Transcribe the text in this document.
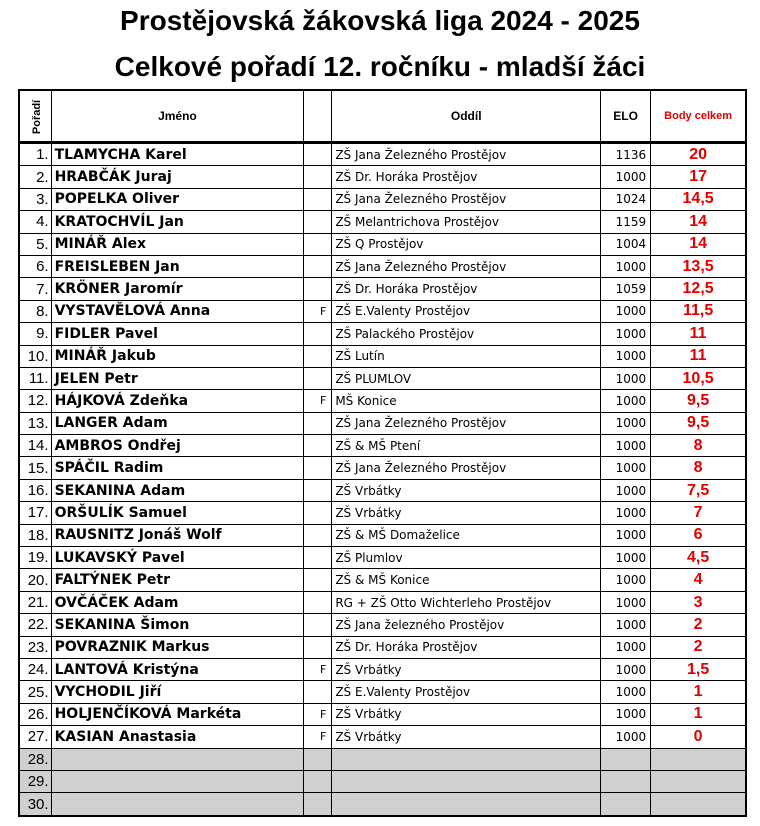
Prostějovská žákovská liga 2024 - 2025
Celkové pořadí 12. ročníku - mladší žáci
Pořadí	Jméno		Oddíl	ELO	Body celkem
1.	TLAMYCHA Karel		ZŠ Jana Železného Prostějov	1136	20
2.	HRABČÁK Juraj		ZŠ Dr. Horáka Prostějov	1000	17
3.	POPELKA Oliver		ZŠ Jana Železného Prostějov	1024	14,5
4.	KRATOCHVÍL Jan		ZŠ Melantrichova Prostějov	1159	14
5.	MINÁŘ Alex		ZŠ Q Prostějov	1004	14
6.	FREISLEBEN Jan		ZŠ Jana Železného Prostějov	1000	13,5
7.	KRÖNER Jaromír		ZŠ Dr. Horáka Prostějov	1059	12,5
8.	VYSTAVĚLOVÁ Anna	F	ZŠ E.Valenty Prostějov	1000	11,5
9.	FIDLER Pavel		ZŠ Palackého Prostějov	1000	11
10.	MINÁŘ Jakub		ZŠ Lutín	1000	11
11.	JELEN Petr		ZŠ PLUMLOV	1000	10,5
12.	HÁJKOVÁ Zdeňka	F	MŠ Konice	1000	9,5
13.	LANGER Adam		ZŠ Jana Železného Prostějov	1000	9,5
14.	AMBROS Ondřej		ZŠ & MŠ Ptení	1000	8
15.	SPÁČIL Radim		ZŠ Jana Železného Prostějov	1000	8
16.	SEKANINA Adam		ZŠ Vrbátky	1000	7,5
17.	ORŠULÍK Samuel		ZŠ Vrbátky	1000	7
18.	RAUSNITZ Jonáš Wolf		ZŠ & MŠ Domaželice	1000	6
19.	LUKAVSKÝ Pavel		ZŠ Plumlov	1000	4,5
20.	FALTÝNEK Petr		ZŠ & MŠ Konice	1000	4
21.	OVČÁČEK Adam		RG + ZŠ Otto Wichterleho Prostějov	1000	3
22.	SEKANINA Šimon		ZŠ Jana železného Prostějov	1000	2
23.	POVRAZNIK Markus		ZŠ Dr. Horáka Prostějov	1000	2
24.	LANTOVÁ Kristýna	F	ZŠ Vrbátky	1000	1,5
25.	VYCHODIL Jiří		ZŠ E.Valenty Prostějov	1000	1
26.	HOLJENČÍKOVÁ Markéta	F	ZŠ Vrbátky	1000	1
27.	KASIAN Anastasia	F	ZŠ Vrbátky	1000	0
28.					
29.					
30.					
